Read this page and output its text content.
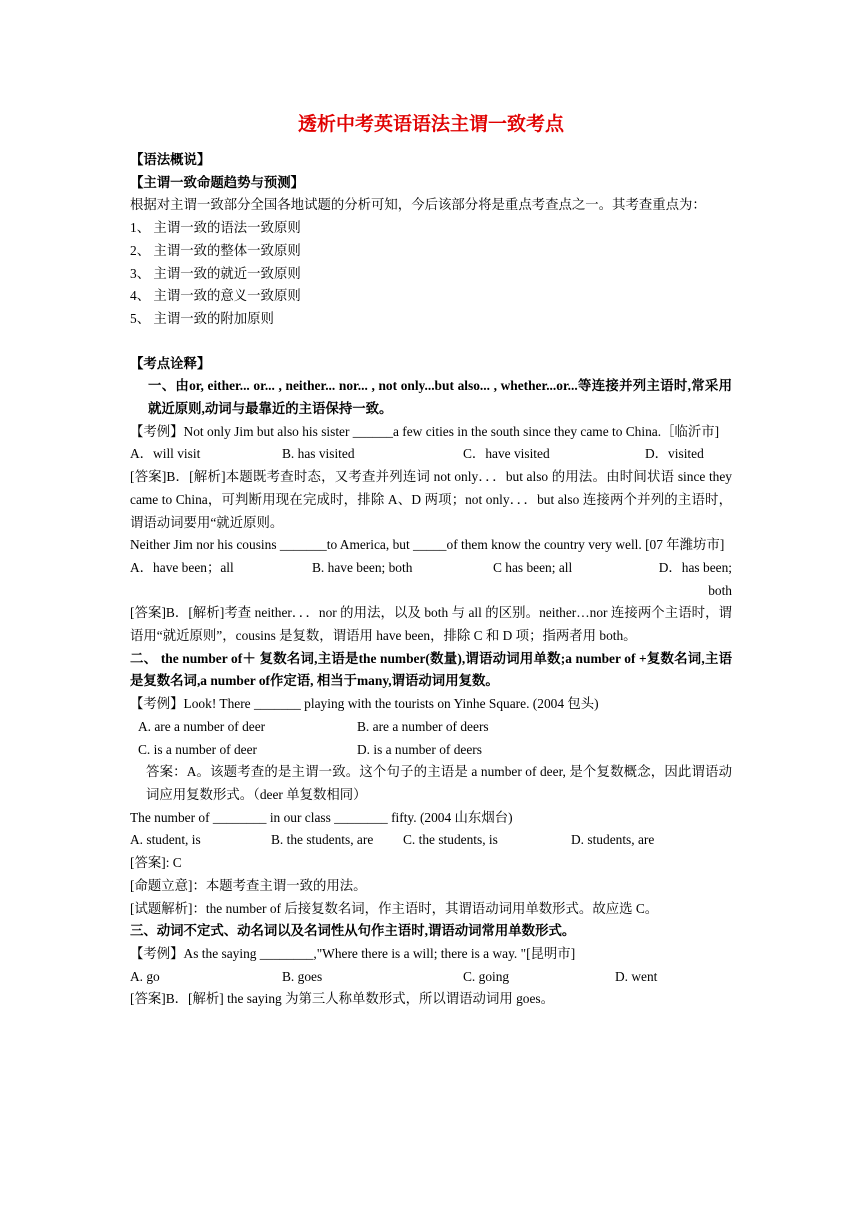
透析中考英语语法主谓一致考点

【语法概说】

【主谓一致命题趋势与预测】

根据对主谓一致部分全国各地试题的分析可知，今后该部分将是重点考查点之一。其考查重点为：

1、 主谓一致的语法一致原则

2、 主谓一致的整体一致原则

3、 主谓一致的就近一致原则

4、 主谓一致的意义一致原则

5、 主谓一致的附加原则

【考点诠释】

一、由or, either... or... , neither... nor... , not only...but also... , whether...or...等连接并列主语时,常采用就近原则,动词与最靠近的主语保持一致。

【考例】Not only Jim but also his sister ______a few cities in the south since they came to China.［临沂市]

A．will visit	B. has visited	C．have visited	D．visited

[答案]B．[解析]本题既考查时态，又考查并列连词 not only．．．but also 的用法。由时间状语 since they came to China，可判断用现在完成时，排除 A、D 两项；not only．．．but also 连接两个并列的主语时，谓语动词要用“就近原则。

Neither Jim nor his cousins _______to America, but _____of them know the country very well. [07 年潍坊市]

A．have been；all	B. have been; both	C has been; all	D．has been; both

[答案]B．[解析]考查 neither．．．nor 的用法，以及 both 与 all 的区别。neither…nor 连接两个主语时，谓语用“就近原则”，cousins 是复数，谓语用 have been，排除 C 和 D 项；指两者用 both。

二、 the number of＋ 复数名词,主语是the number(数量),谓语动词用单数;a number of +复数名词,主语是复数名词,a number of作定语, 相当于many,谓语动词用复数。

【考例】Look! There _______ playing with the tourists on Yinhe Square. (2004 包头)

A. are a number of deer	B. are a number of deers
C. is a number of deer	D. is a number of deers

答案：A。该题考查的是主谓一致。这个句子的主语是 a number of deer, 是个复数概念，因此谓语动词应用复数形式。（deer 单复数相同）

The number of ________ in our class ________ fifty. (2004 山东烟台)

A. student, is	B. the students, are	C. the students, is	D. students, are

[答案]: C

[命题立意]：本题考查主谓一致的用法。

[试题解析]：the number of 后接复数名词，作主语时，其谓语动词用单数形式。故应选 C。

三、动词不定式、动名词以及名词性从句作主语时,谓语动词常用单数形式。

【考例】As the saying ________,"Where there is a will; there is a way. "[昆明市]

A. go	B. goes	C. going	D. went

[答案]B．[解析] the saying 为第三人称单数形式，所以谓语动词用 goes。
